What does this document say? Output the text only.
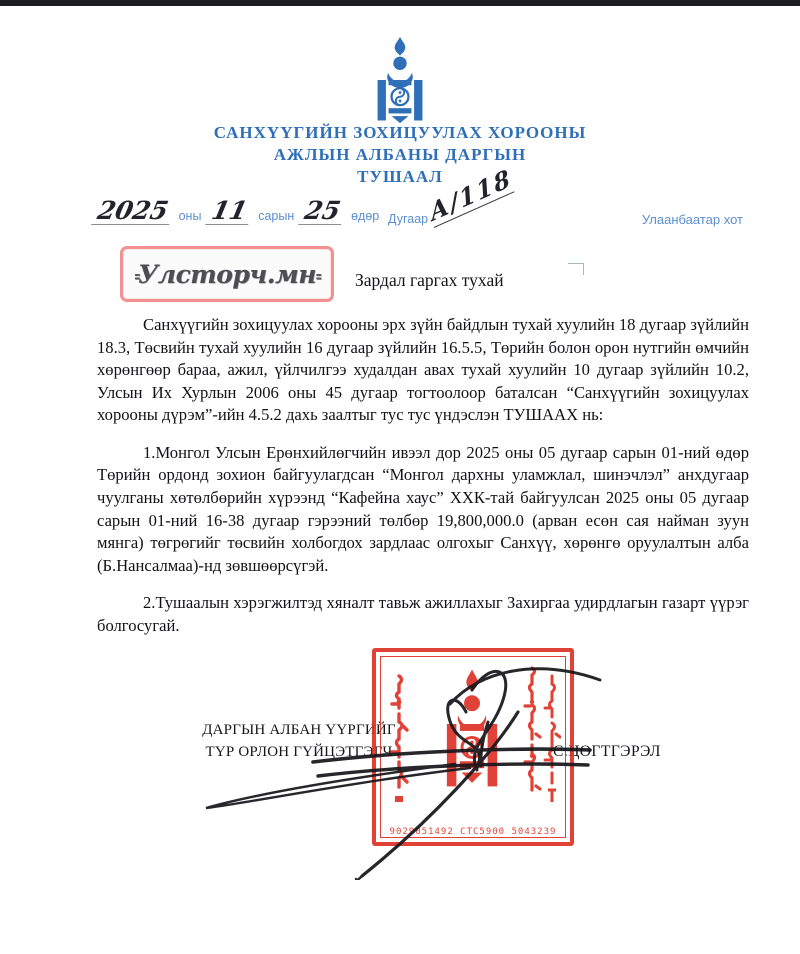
САНХҮҮГИЙН ЗОХИЦУУЛАХ ХОРООНЫ
АЖЛЫН АЛБАНЫ ДАРГЫН
ТУШААЛ
2025 оны 11 сарын 25 өдөр Дугаар
А/118	Улаанбаатар хот
⹀Улсторч.мн⹀ Зардал гаргах тухай

Санхүүгийн зохицуулах хорооны эрх зүйн байдлын тухай хуулийн 18 дугаар зүйлийн 18.3, Төсвийн тухай хуулийн 16 дугаар зүйлийн 16.5.5, Төрийн болон орон нутгийн өмчийн хөрөнгөөр бараа, ажил, үйлчилгээ худалдан авах тухай хуулийн 10 дугаар зүйлийн 10.2, Улсын Их Хурлын 2006 оны 45 дугаар тогтоолоор баталсан “Санхүүгийн зохицуулах хорооны дүрэм”-ийн 4.5.2 дахь заалтыг тус тус үндэслэн ТУШААХ нь:

1.Монгол Улсын Ерөнхийлөгчийн ивээл дор 2025 оны 05 дугаар сарын 01-ний өдөр Төрийн ордонд зохион байгуулагдсан “Монгол дархны уламжлал, шинэчлэл” анхдугаар чуулганы хөтөлбөрийн хүрээнд “Кафейна хаус” ХХК-тай байгуулсан 2025 оны 05 дугаар сарын 01-ний 16-38 дугаар гэрээний төлбөр 19,800,000.0 (арван есөн сая найман зуун мянга) төгрөгийг төсвийн холбогдох зардлаас олгохыг Санхүү, хөрөнгө оруулалтын алба (Б.Нансалмаа)-нд зөвшөөрсүгэй.

2.Тушаалын хэрэгжилтэд хяналт тавьж ажиллахыг Захиргаа удирдлагын газарт үүрэг болгосугай.

ДАРГЫН АЛБАН ҮҮРГИЙГ
ТҮР ОРЛОН ГҮЙЦЭТГЭГЧ	С.ЦОГТГЭРЭЛ
9029051492 СТС5900 5043239
